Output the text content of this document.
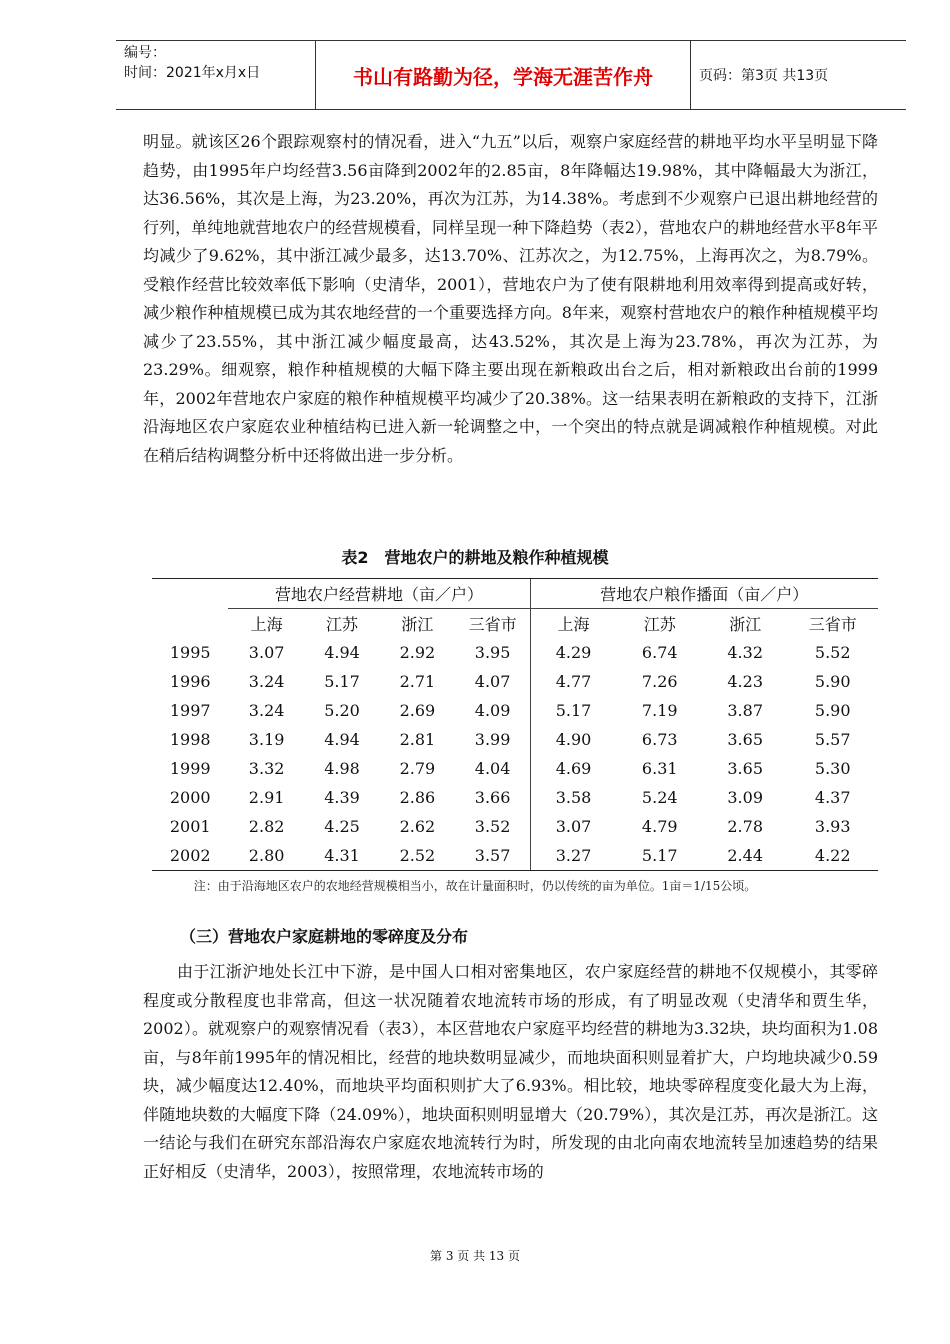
编号：
时间：2021年x月x日	书山有路勤为径，学海无涯苦作舟	页码：第3页 共13页
明显。就该区26个跟踪观察村的情况看，进入“九五”以后，观察户家庭经营的耕地平均水平呈明显下降趋势，由1995年户均经营3.56亩降到2002年的2.85亩，8年降幅达19.98%，其中降幅最大为浙江，达36.56%，其次是上海，为23.20%，再次为江苏，为14.38%。考虑到不少观察户已退出耕地经营的行列，单纯地就营地农户的经营规模看，同样呈现一种下降趋势（表2），营地农户的耕地经营水平8年平均减少了9.62%，其中浙江减少最多，达13.70%、江苏次之，为12.75%，上海再次之，为8.79%。受粮作经营比较效率低下影响（史清华，2001），营地农户为了使有限耕地利用效率得到提高或好转，减少粮作种植规模已成为其农地经营的一个重要选择方向。8年来，观察村营地农户的粮作种植规模平均减少了23.55%，其中浙江减少幅度最高，达43.52%，其次是上海为23.78%，再次为江苏，为23.29%。细观察，粮作种植规模的大幅下降主要出现在新粮政出台之后，相对新粮政出台前的1999年，2002年营地农户家庭的粮作种植规模平均减少了20.38%。这一结果表明在新粮政的支持下，江浙沿海地区农户家庭农业种植结构已进入新一轮调整之中，一个突出的特点就是调减粮作种植规模。对此在稍后结构调整分析中还将做出进一步分析。
表2　营地农户的耕地及粮作种植规模
	营地农户经营耕地（亩／户）				营地农户粮作播面（亩／户）			
	上海	江苏	浙江	三省市	上海	江苏	浙江	三省市
1995	3.07	4.94	2.92	3.95	4.29	6.74	4.32	5.52
1996	3.24	5.17	2.71	4.07	4.77	7.26	4.23	5.90
1997	3.24	5.20	2.69	4.09	5.17	7.19	3.87	5.90
1998	3.19	4.94	2.81	3.99	4.90	6.73	3.65	5.57
1999	3.32	4.98	2.79	4.04	4.69	6.31	3.65	5.30
2000	2.91	4.39	2.86	3.66	3.58	5.24	3.09	4.37
2001	2.82	4.25	2.62	3.52	3.07	4.79	2.78	3.93
2002	2.80	4.31	2.52	3.57	3.27	5.17	2.44	4.22
注：由于沿海地区农户的农地经营规模相当小，故在计量面积时，仍以传统的亩为单位。1亩＝1/15公顷。
（三）营地农户家庭耕地的零碎度及分布
由于江浙沪地处长江中下游，是中国人口相对密集地区，农户家庭经营的耕地不仅规模小，其零碎程度或分散程度也非常高，但这一状况随着农地流转市场的形成，有了明显改观（史清华和贾生华，2002）。就观察户的观察情况看（表3），本区营地农户家庭平均经营的耕地为3.32块，块均面积为1.08亩，与8年前1995年的情况相比，经营的地块数明显减少，而地块面积则显着扩大，户均地块减少0.59块，减少幅度达12.40%，而地块平均面积则扩大了6.93%。相比较，地块零碎程度变化最大为上海，伴随地块数的大幅度下降（24.09%），地块面积则明显增大（20.79%），其次是江苏，再次是浙江。这一结论与我们在研究东部沿海农户家庭农地流转行为时，所发现的由北向南农地流转呈加速趋势的结果正好相反（史清华，2003），按照常理，农地流转市场的
第 3 页 共 13 页
